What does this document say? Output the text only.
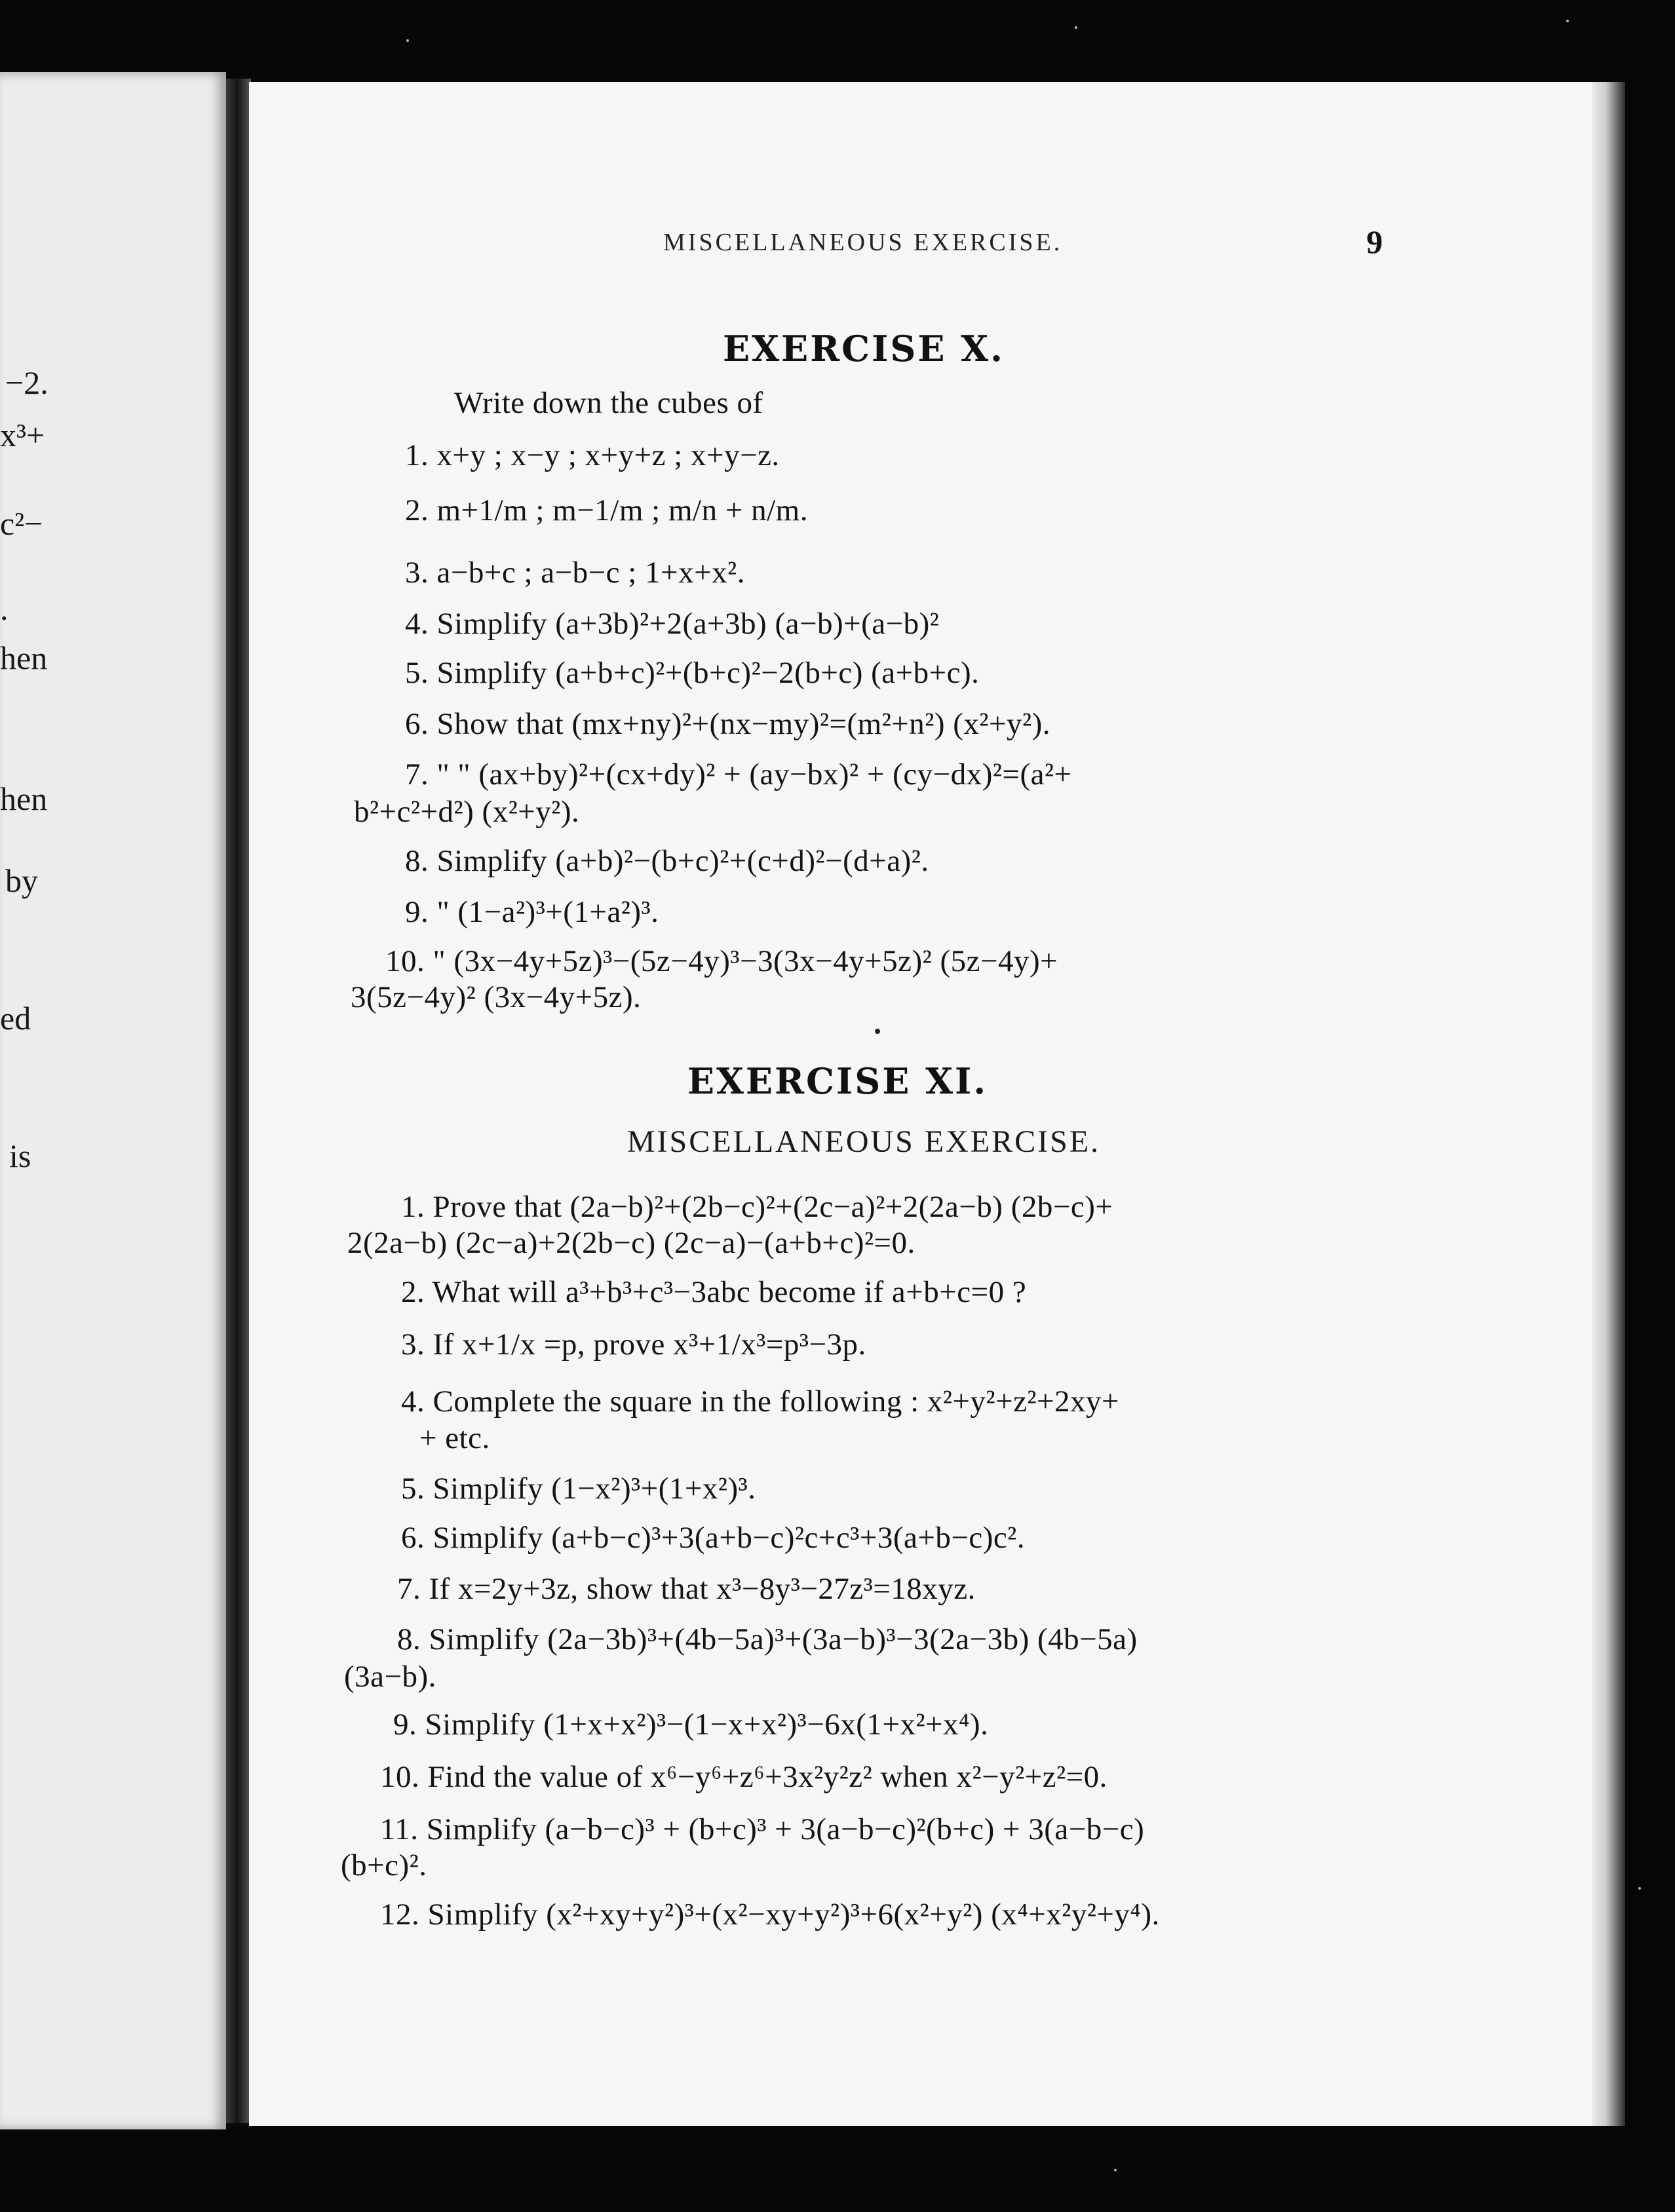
−2.
x³+
c²−
.
hen
hen
by
ed
is
MISCELLANEOUS EXERCISE.	9
EXERCISE X.
Write down the cubes of
1. x+y ; x−y ; x+y+z ; x+y−z.
2. m+1/m ; m−1/m ; m/n + n/m.
3. a−b+c ; a−b−c ; 1+x+x².
4. Simplify (a+3b)²+2(a+3b) (a−b)+(a−b)²
5. Simplify (a+b+c)²+(b+c)²−2(b+c) (a+b+c).
6. Show that (mx+ny)²+(nx−my)²=(m²+n²) (x²+y²).
7. " " (ax+by)²+(cx+dy)² + (ay−bx)² + (cy−dx)²=(a²+
b²+c²+d²) (x²+y²).
8. Simplify (a+b)²−(b+c)²+(c+d)²−(d+a)².
9. " (1−a²)³+(1+a²)³.
10. " (3x−4y+5z)³−(5z−4y)³−3(3x−4y+5z)² (5z−4y)+
3(5z−4y)² (3x−4y+5z).
EXERCISE XI.
MISCELLANEOUS EXERCISE.
1. Prove that (2a−b)²+(2b−c)²+(2c−a)²+2(2a−b) (2b−c)+
2(2a−b) (2c−a)+2(2b−c) (2c−a)−(a+b+c)²=0.
2. What will a³+b³+c³−3abc become if a+b+c=0 ?
3. If x+1/x =p, prove x³+1/x³=p³−3p.
4. Complete the square in the following : x²+y²+z²+2xy+
+ etc.
5. Simplify (1−x²)³+(1+x²)³.
6. Simplify (a+b−c)³+3(a+b−c)²c+c³+3(a+b−c)c².
7. If x=2y+3z, show that x³−8y³−27z³=18xyz.
8. Simplify (2a−3b)³+(4b−5a)³+(3a−b)³−3(2a−3b) (4b−5a)
(3a−b).
9. Simplify (1+x+x²)³−(1−x+x²)³−6x(1+x²+x⁴).
10. Find the value of x⁶−y⁶+z⁶+3x²y²z² when x²−y²+z²=0.
11. Simplify (a−b−c)³ + (b+c)³ + 3(a−b−c)²(b+c) + 3(a−b−c)
(b+c)².
12. Simplify (x²+xy+y²)³+(x²−xy+y²)³+6(x²+y²) (x⁴+x²y²+y⁴).
